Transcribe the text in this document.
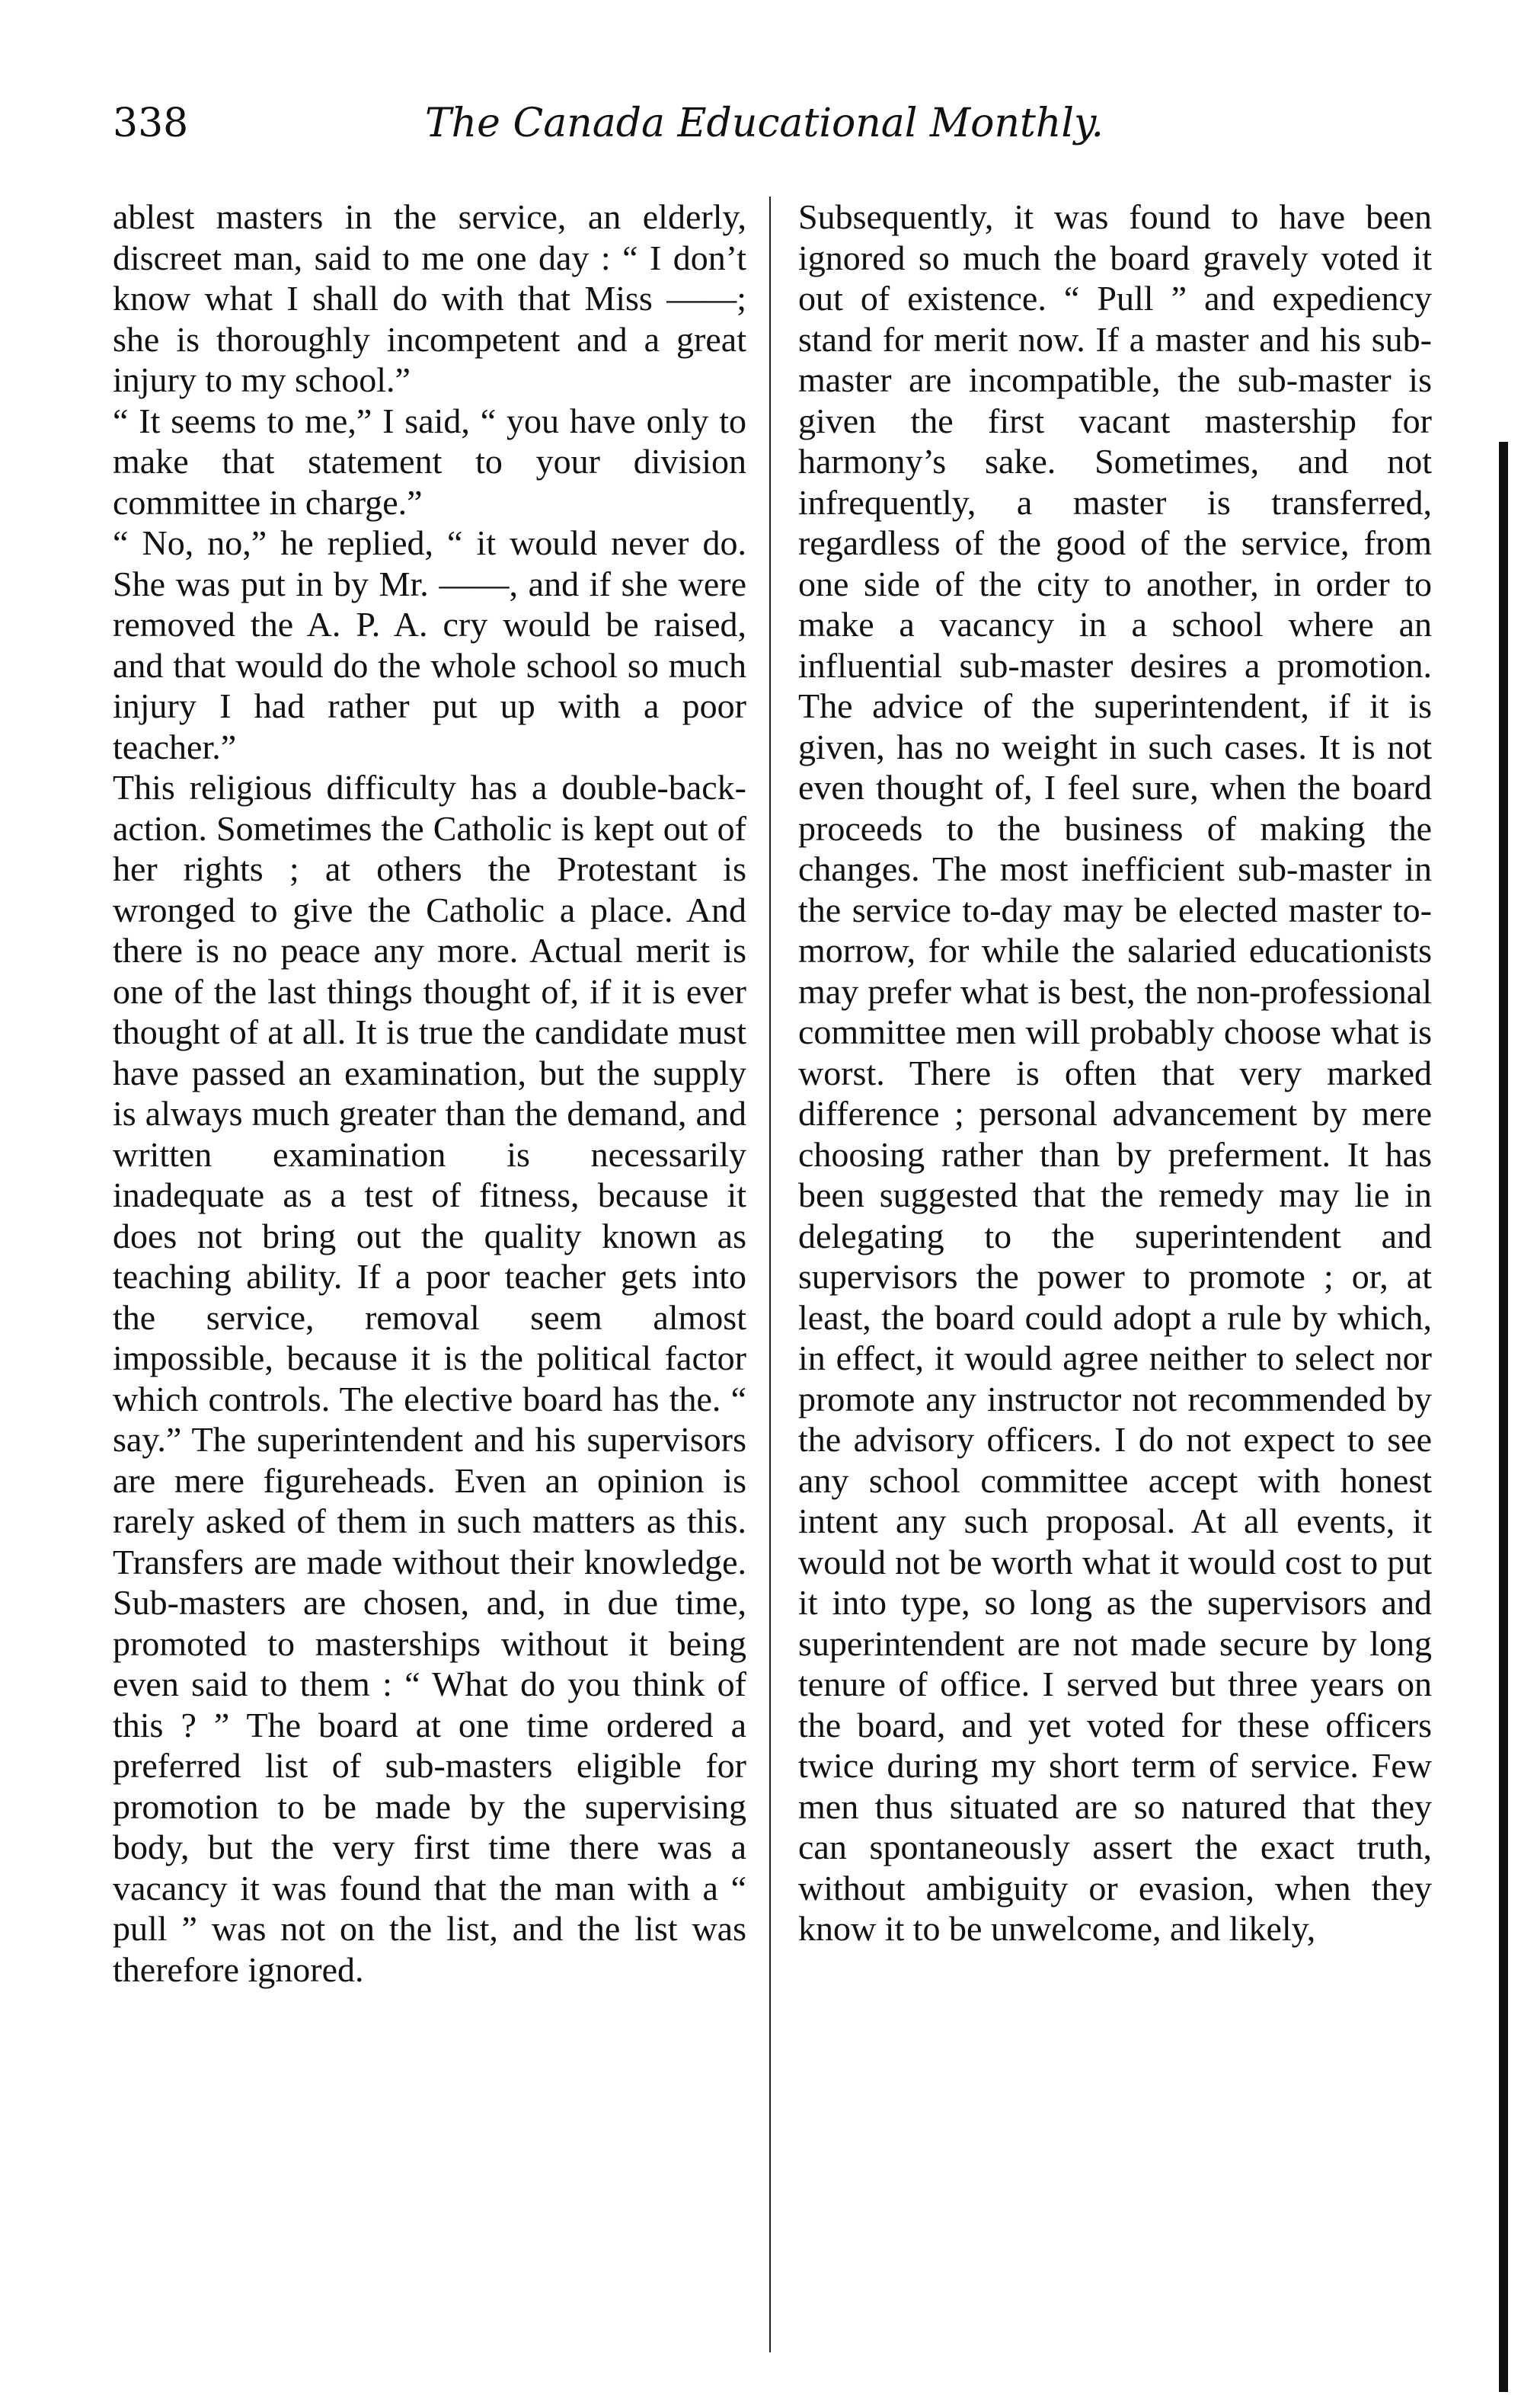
338	The Canada Educational Monthly.

ablest masters in the service, an elderly, discreet man, said to me one day : “ I don’t know what I shall do with that Miss ——; she is thoroughly incompetent and a great injury to my school.”

“ It seems to me,” I said, “ you have only to make that statement to your division committee in charge.”

“ No, no,” he replied, “ it would never do. She was put in by Mr. ——, and if she were removed the A. P. A. cry would be raised, and that would do the whole school so much injury I had rather put up with a poor teacher.”

This religious difficulty has a double-back-action. Sometimes the Catholic is kept out of her rights ; at others the Protestant is wronged to give the Catholic a place. And there is no peace any more. Actual merit is one of the last things thought of, if it is ever thought of at all. It is true the candidate must have passed an examination, but the supply is always much greater than the demand, and written examination is necessarily inadequate as a test of fitness, because it does not bring out the quality known as teaching ability. If a poor teacher gets into the service, removal seem almost impossible, because it is the political factor which controls. The elective board has the. “ say.” The superintendent and his supervisors are mere figureheads. Even an opinion is rarely asked of them in such matters as this. Transfers are made without their knowledge. Sub-masters are chosen, and, in due time, promoted to masterships without it being even said to them : “ What do you think of this ? ” The board at one time ordered a preferred list of sub-masters eligible for promotion to be made by the supervising body, but the very first time there was a vacancy it was found that the man with a “ pull ” was not on the list, and the list was therefore ignored.

Subsequently, it was found to have been ignored so much the board gravely voted it out of existence. “ Pull ” and expediency stand for merit now. If a master and his sub-master are incompatible, the sub-master is given the first vacant mastership for harmony’s sake. Sometimes, and not infrequently, a master is transferred, regardless of the good of the service, from one side of the city to another, in order to make a vacancy in a school where an influential sub-master desires a promotion. The advice of the superintendent, if it is given, has no weight in such cases. It is not even thought of, I feel sure, when the board proceeds to the business of making the changes. The most inefficient sub-master in the service to-day may be elected master to-morrow, for while the salaried educationists may prefer what is best, the non-professional committee men will probably choose what is worst. There is often that very marked difference ; personal advancement by mere choosing rather than by preferment. It has been suggested that the remedy may lie in delegating to the superintendent and supervisors the power to promote ; or, at least, the board could adopt a rule by which, in effect, it would agree neither to select nor promote any instructor not recommended by the advisory officers. I do not expect to see any school committee accept with honest intent any such proposal. At all events, it would not be worth what it would cost to put it into type, so long as the supervisors and superintendent are not made secure by long tenure of office. I served but three years on the board, and yet voted for these officers twice during my short term of service. Few men thus situated are so natured that they can spontaneously assert the exact truth, without ambiguity or evasion, when they know it to be unwelcome, and likely,
